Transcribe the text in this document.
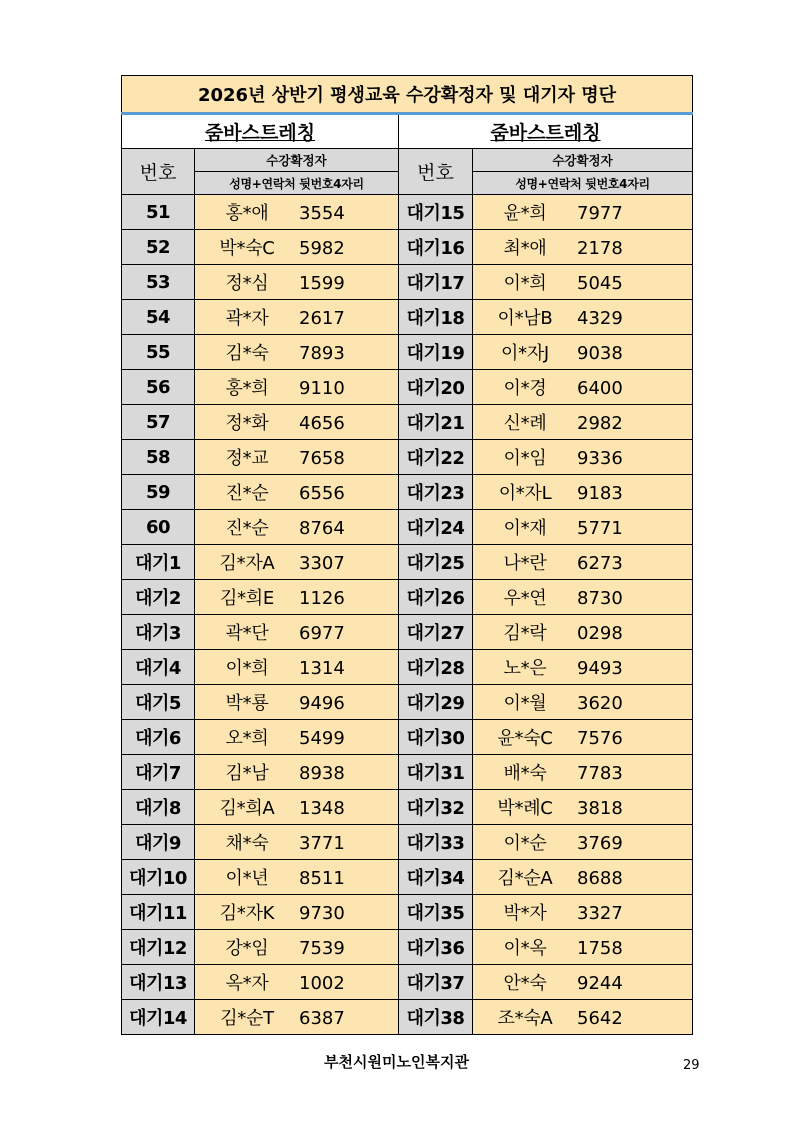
2026년 상반기 평생교육 수강확정자 및 대기자 명단			
줌바스트레칭		줌바스트레칭	
번호	수강확정자	번호	수강확정자
	성명+연락처 뒷번호4자리		성명+연락처 뒷번호4자리
51	홍*애 3554	대기15	윤*희 7977
52	박*숙C 5982	대기16	최*애 2178
53	정*심 1599	대기17	이*희 5045
54	곽*자 2617	대기18	이*남B 4329
55	김*숙 7893	대기19	이*자J 9038
56	홍*희 9110	대기20	이*경 6400
57	정*화 4656	대기21	신*례 2982
58	정*교 7658	대기22	이*임 9336
59	진*순 6556	대기23	이*자L 9183
60	진*순 8764	대기24	이*재 5771
대기1	김*자A 3307	대기25	나*란 6273
대기2	김*희E 1126	대기26	우*연 8730
대기3	곽*단 6977	대기27	김*락 0298
대기4	이*희 1314	대기28	노*은 9493
대기5	박*룡 9496	대기29	이*월 3620
대기6	오*희 5499	대기30	윤*숙C 7576
대기7	김*남 8938	대기31	배*숙 7783
대기8	김*희A 1348	대기32	박*례C 3818
대기9	채*숙 3771	대기33	이*순 3769
대기10	이*년 8511	대기34	김*순A 8688
대기11	김*자K 9730	대기35	박*자 3327
대기12	강*임 7539	대기36	이*옥 1758
대기13	옥*자 1002	대기37	안*숙 9244
대기14	김*순T 6387	대기38	조*숙A 5642
부천시원미노인복지관	29
